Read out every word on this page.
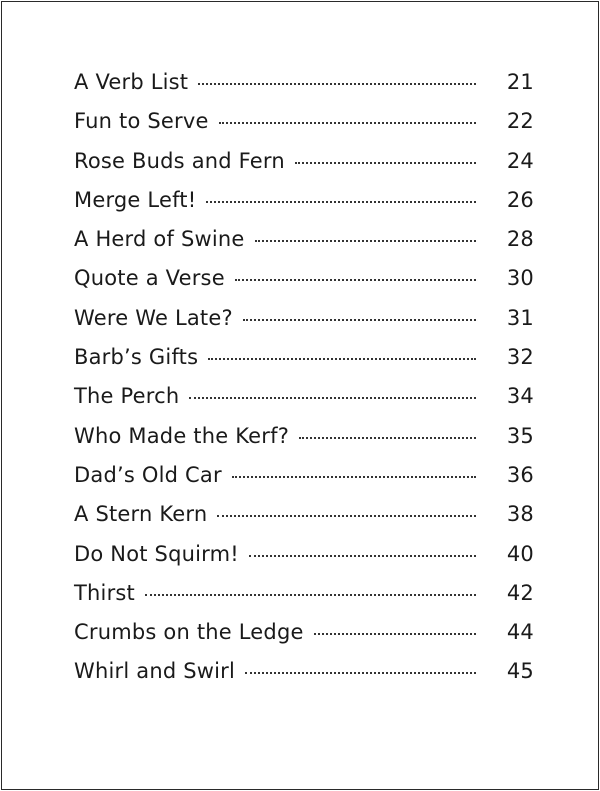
A Verb List	21
Fun to Serve	22
Rose Buds and Fern	24
Merge Left!	26
A Herd of Swine	28
Quote a Verse	30
Were We Late?	31
Barb’s Gifts	32
The Perch	34
Who Made the Kerf?	35
Dad’s Old Car	36
A Stern Kern	38
Do Not Squirm!	40
Thirst	42
Crumbs on the Ledge	44
Whirl and Swirl	45
